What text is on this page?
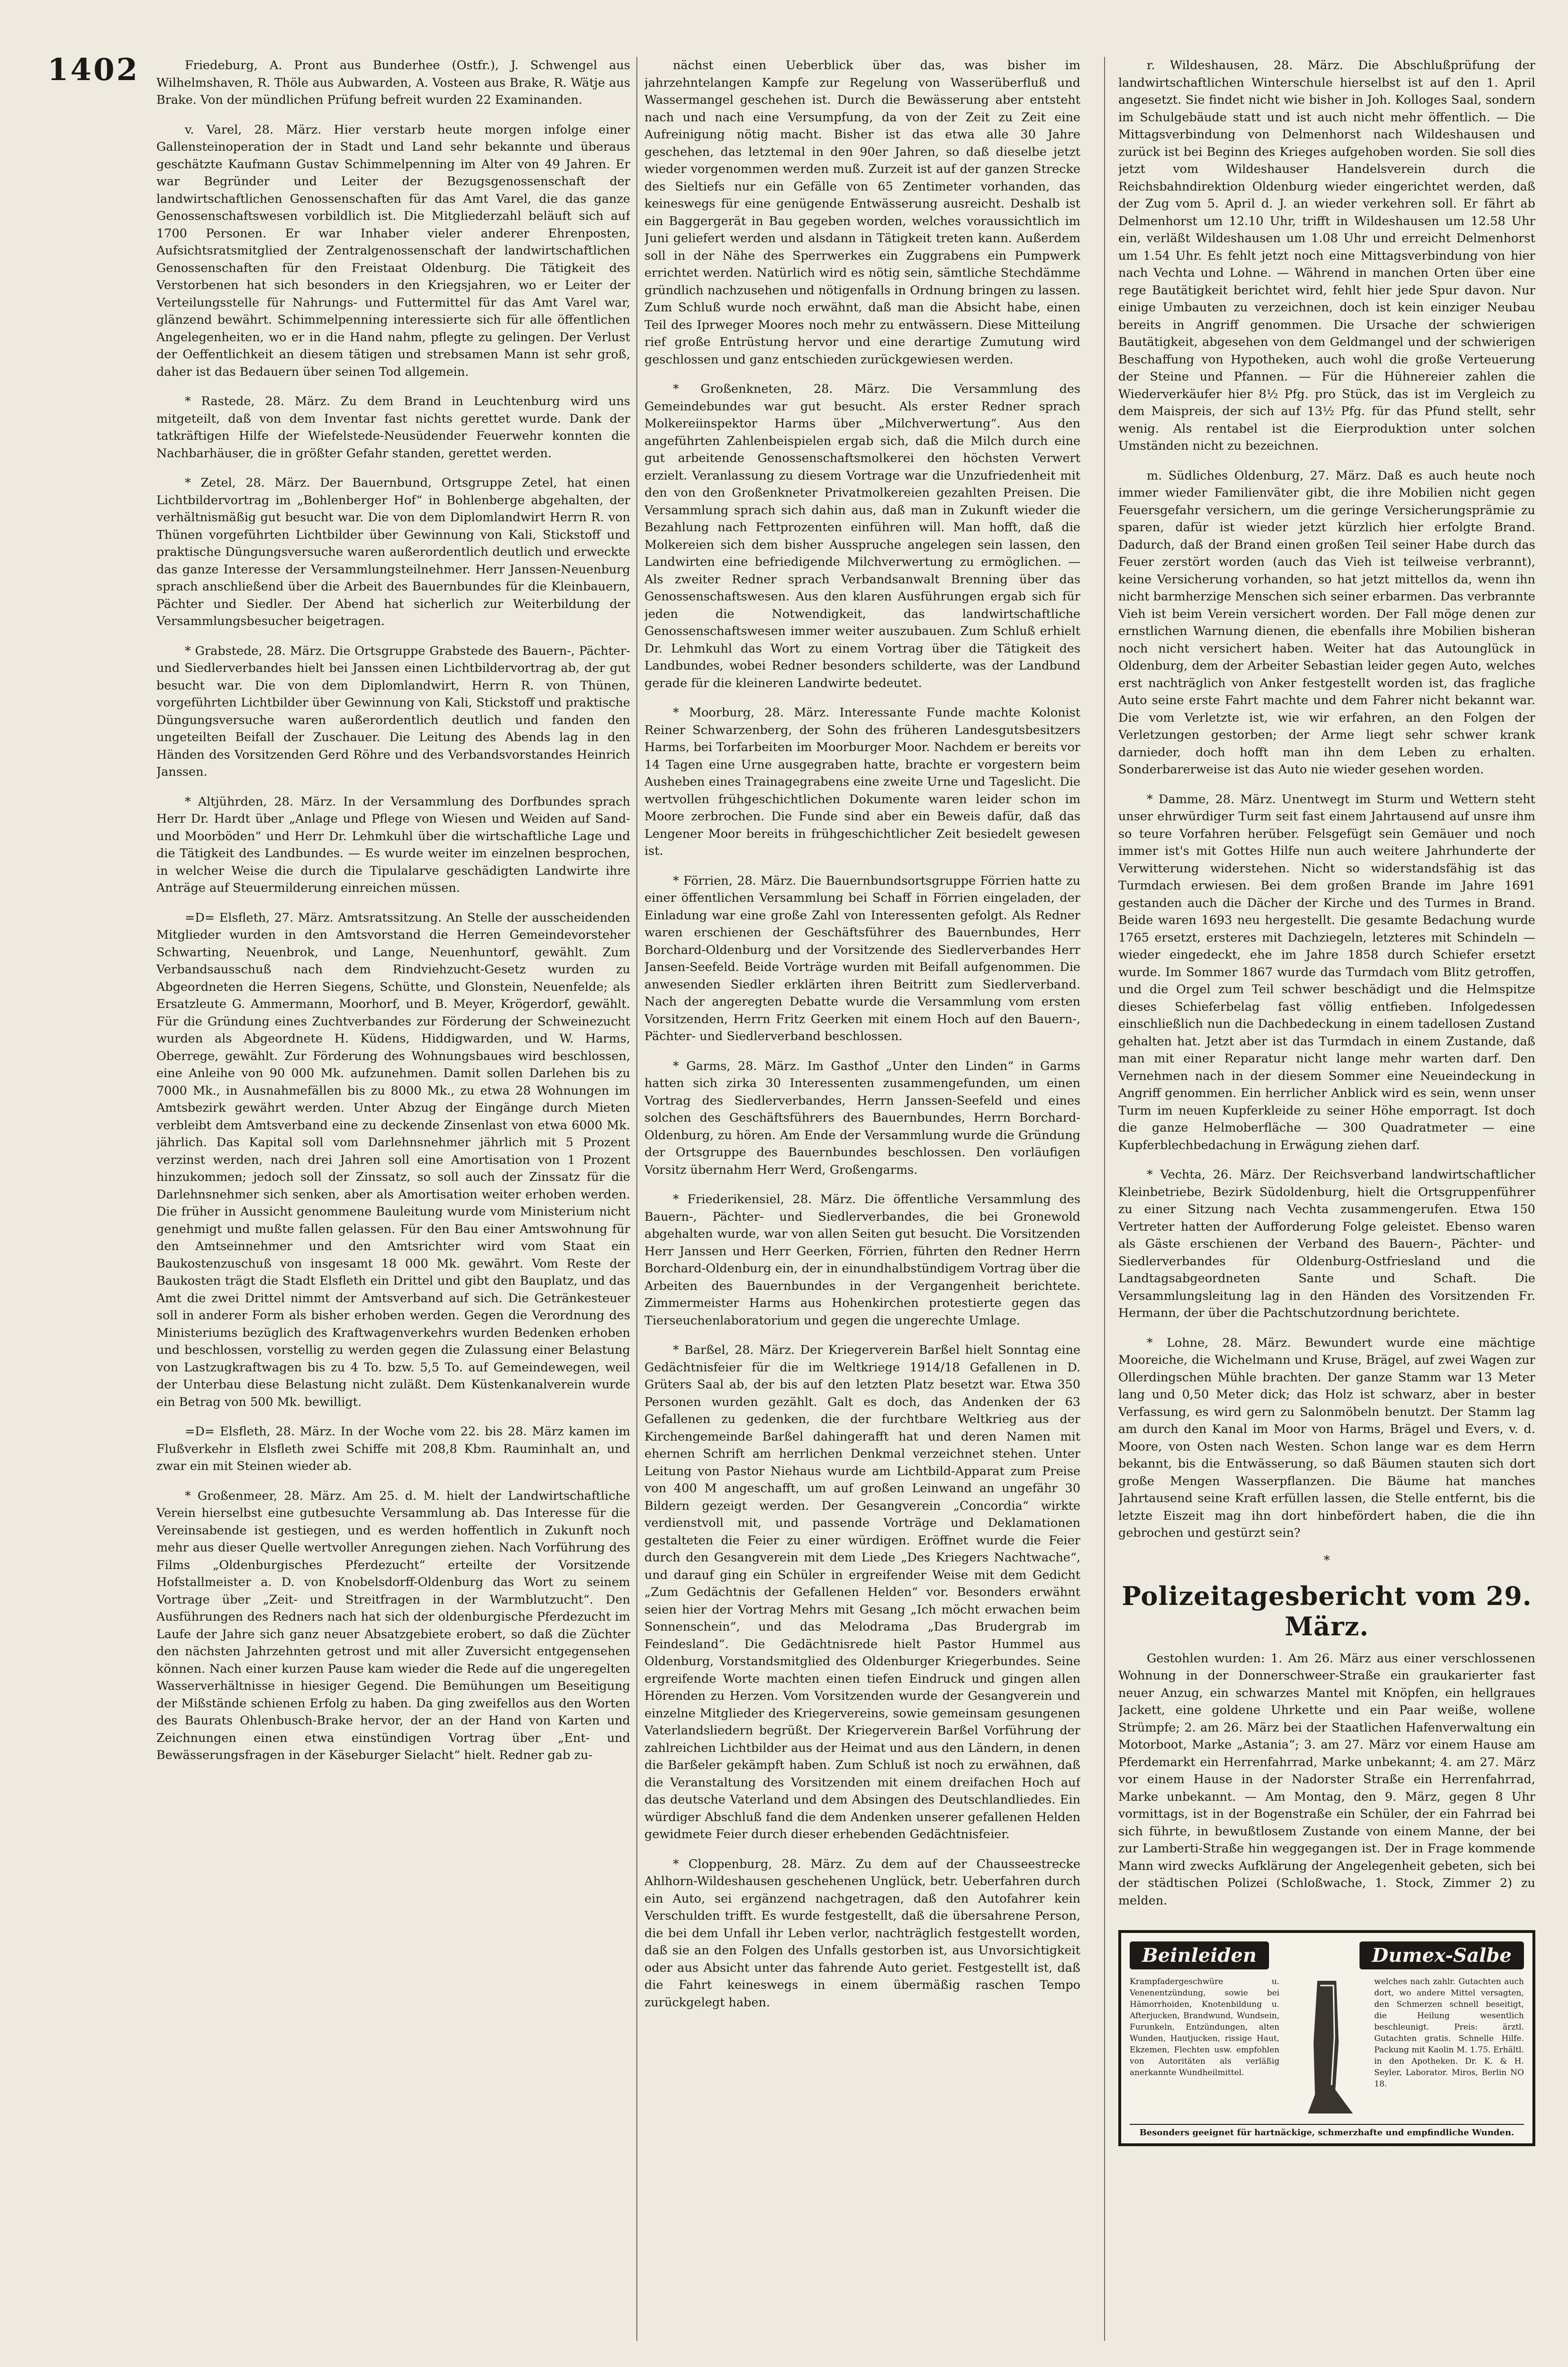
1402	Friedeburg, A. Pront aus Bunderhee (Ostfr.), J. Schwengel aus Wilhelmshaven, R. Thöle aus Aubwarden, A. Vosteen aus Brake, R. Wätje aus Brake. Von der mündlichen Prüfung befreit wurden 22 Examinanden.

v. Varel, 28. März. Hier verstarb heute morgen infolge einer Gallensteinoperation der in Stadt und Land sehr bekannte und überaus geschätzte Kaufmann Gustav Schimmelpenning im Alter von 49 Jahren. Er war Begründer und Leiter der Bezugsgenossenschaft der landwirtschaftlichen Genossenschaften für das Amt Varel, die das ganze Genossenschaftswesen vorbildlich ist. Die Mitgliederzahl beläuft sich auf 1700 Personen. Er war Inhaber vieler anderer Ehrenposten, Aufsichtsratsmitglied der Zentralgenossenschaft der landwirtschaftlichen Genossenschaften für den Freistaat Oldenburg. Die Tätigkeit des Verstorbenen hat sich besonders in den Kriegsjahren, wo er Leiter der Verteilungsstelle für Nahrungs- und Futtermittel für das Amt Varel war, glänzend bewährt. Schimmelpenning interessierte sich für alle öffentlichen Angelegenheiten, wo er in die Hand nahm, pflegte zu gelingen. Der Verlust der Oeffentlichkeit an diesem tätigen und strebsamen Mann ist sehr groß, daher ist das Bedauern über seinen Tod allgemein.

* Rastede, 28. März. Zu dem Brand in Leuchtenburg wird uns mitgeteilt, daß von dem Inventar fast nichts gerettet wurde. Dank der tatkräftigen Hilfe der Wiefelstede-Neusüdender Feuerwehr konnten die Nachbarhäuser, die in größter Gefahr standen, gerettet werden.

* Zetel, 28. März. Der Bauernbund, Ortsgruppe Zetel, hat einen Lichtbildervortrag im „Bohlenberger Hof“ in Bohlenberge abgehalten, der verhältnismäßig gut besucht war. Die von dem Diplomlandwirt Herrn R. von Thünen vorgeführten Lichtbilder über Gewinnung von Kali, Stickstoff und praktische Düngungsversuche waren außerordentlich deutlich und erweckte das ganze Interesse der Versammlungsteilnehmer. Herr Janssen-Neuenburg sprach anschließend über die Arbeit des Bauernbundes für die Kleinbauern, Pächter und Siedler. Der Abend hat sicherlich zur Weiterbildung der Versammlungsbesucher beigetragen.

* Grabstede, 28. März. Die Ortsgruppe Grabstede des Bauern-, Pächter- und Siedlerverbandes hielt bei Janssen einen Lichtbildervortrag ab, der gut besucht war. Die von dem Diplomlandwirt, Herrn R. von Thünen, vorgeführten Lichtbilder über Gewinnung von Kali, Stickstoff und praktische Düngungsversuche waren außerordentlich deutlich und fanden den ungeteilten Beifall der Zuschauer. Die Leitung des Abends lag in den Händen des Vorsitzenden Gerd Röhre und des Verbandsvorstandes Heinrich Janssen.

* Altjührden, 28. März. In der Versammlung des Dorfbundes sprach Herr Dr. Hardt über „Anlage und Pflege von Wiesen und Weiden auf Sand- und Moorböden“ und Herr Dr. Lehmkuhl über die wirtschaftliche Lage und die Tätigkeit des Landbundes. — Es wurde weiter im einzelnen besprochen, in welcher Weise die durch die Tipulalarve geschädigten Landwirte ihre Anträge auf Steuermilderung einreichen müssen.

=D= Elsfleth, 27. März. Amtsratssitzung. An Stelle der ausscheidenden Mitglieder wurden in den Amtsvorstand die Herren Gemeindevorsteher Schwarting, Neuenbrok, und Lange, Neuenhuntorf, gewählt. Zum Verbandsausschuß nach dem Rindviehzucht-Gesetz wurden zu Abgeordneten die Herren Siegens, Schütte, und Glonstein, Neuenfelde; als Ersatzleute G. Ammermann, Moorhorf, und B. Meyer, Krögerdorf, gewählt. Für die Gründung eines Zuchtverbandes zur Förderung der Schweinezucht wurden als Abgeordnete H. Küdens, Hiddigwarden, und W. Harms, Oberrege, gewählt. Zur Förderung des Wohnungsbaues wird beschlossen, eine Anleihe von 90 000 Mk. aufzunehmen. Damit sollen Darlehen bis zu 7000 Mk., in Ausnahmefällen bis zu 8000 Mk., zu etwa 28 Wohnungen im Amtsbezirk gewährt werden. Unter Abzug der Eingänge durch Mieten verbleibt dem Amtsverband eine zu deckende Zinsenlast von etwa 6000 Mk. jährlich. Das Kapital soll vom Darlehnsnehmer jährlich mit 5 Prozent verzinst werden, nach drei Jahren soll eine Amortisation von 1 Prozent hinzukommen; jedoch soll der Zinssatz, so soll auch der Zinssatz für die Darlehnsnehmer sich senken, aber als Amortisation weiter erhoben werden. Die früher in Aussicht genommene Bauleitung wurde vom Ministerium nicht genehmigt und mußte fallen gelassen. Für den Bau einer Amtswohnung für den Amtseinnehmer und den Amtsrichter wird vom Staat ein Baukostenzuschuß von insgesamt 18 000 Mk. gewährt. Vom Reste der Baukosten trägt die Stadt Elsfleth ein Drittel und gibt den Bauplatz, und das Amt die zwei Drittel nimmt der Amtsverband auf sich. Die Getränkesteuer soll in anderer Form als bisher erhoben werden. Gegen die Verordnung des Ministeriums bezüglich des Kraftwagenverkehrs wurden Bedenken erhoben und beschlossen, vorstellig zu werden gegen die Zulassung einer Belastung von Lastzugkraftwagen bis zu 4 To. bzw. 5,5 To. auf Gemeindewegen, weil der Unterbau diese Belastung nicht zuläßt. Dem Küstenkanalverein wurde ein Betrag von 500 Mk. bewilligt.

=D= Elsfleth, 28. März. In der Woche vom 22. bis 28. März kamen im Flußverkehr in Elsfleth zwei Schiffe mit 208,8 Kbm. Rauminhalt an, und zwar ein mit Steinen wieder ab.

* Großenmeer, 28. März. Am 25. d. M. hielt der Landwirtschaftliche Verein hierselbst eine gutbesuchte Versammlung ab. Das Interesse für die Vereinsabende ist gestiegen, und es werden hoffentlich in Zukunft noch mehr aus dieser Quelle wertvoller Anregungen ziehen. Nach Vorführung des Films „Oldenburgisches Pferdezucht“ erteilte der Vorsitzende Hofstallmeister a. D. von Knobelsdorff-Oldenburg das Wort zu seinem Vortrage über „Zeit- und Streitfragen in der Warmblutzucht“. Den Ausführungen des Redners nach hat sich der oldenburgische Pferdezucht im Laufe der Jahre sich ganz neuer Absatzgebiete erobert, so daß die Züchter den nächsten Jahrzehnten getrost und mit aller Zuversicht entgegensehen können. Nach einer kurzen Pause kam wieder die Rede auf die ungeregelten Wasserverhältnisse in hiesiger Gegend. Die Bemühungen um Beseitigung der Mißstände schienen Erfolg zu haben. Da ging zweifellos aus den Worten des Baurats Ohlenbusch-Brake hervor, der an der Hand von Karten und Zeichnungen einen etwa einstündigen Vortrag über „Ent- und Bewässerungsfragen in der Käseburger Sielacht“ hielt. Redner gab zu-

nächst einen Ueberblick über das, was bisher im jahrzehntelangen Kampfe zur Regelung von Wasserüberfluß und Wassermangel geschehen ist. Durch die Bewässerung aber entsteht nach und nach eine Versumpfung, da von der Zeit zu Zeit eine Aufreinigung nötig macht. Bisher ist das etwa alle 30 Jahre geschehen, das letztemal in den 90er Jahren, so daß dieselbe jetzt wieder vorgenommen werden muß. Zurzeit ist auf der ganzen Strecke des Sieltiefs nur ein Gefälle von 65 Zentimeter vorhanden, das keineswegs für eine genügende Entwässerung ausreicht. Deshalb ist ein Baggergerät in Bau gegeben worden, welches voraussichtlich im Juni geliefert werden und alsdann in Tätigkeit treten kann. Außerdem soll in der Nähe des Sperrwerkes ein Zuggrabens ein Pumpwerk errichtet werden. Natürlich wird es nötig sein, sämtliche Stechdämme gründlich nachzusehen und nötigenfalls in Ordnung bringen zu lassen. Zum Schluß wurde noch erwähnt, daß man die Absicht habe, einen Teil des Iprweger Moores noch mehr zu entwässern. Diese Mitteilung rief große Entrüstung hervor und eine derartige Zumutung wird geschlossen und ganz entschieden zurückgewiesen werden.

* Großenkneten, 28. März. Die Versammlung des Gemeindebundes war gut besucht. Als erster Redner sprach Molkereiinspektor Harms über „Milchverwertung“. Aus den angeführten Zahlenbeispielen ergab sich, daß die Milch durch eine gut arbeitende Genossenschaftsmolkerei den höchsten Verwert erzielt. Veranlassung zu diesem Vortrage war die Unzufriedenheit mit den von den Großenkneter Privatmolkereien gezahlten Preisen. Die Versammlung sprach sich dahin aus, daß man in Zukunft wieder die Bezahlung nach Fettprozenten einführen will. Man hofft, daß die Molkereien sich dem bisher Ausspruche angelegen sein lassen, den Landwirten eine befriedigende Milchverwertung zu ermöglichen. — Als zweiter Redner sprach Verbandsanwalt Brenning über das Genossenschaftswesen. Aus den klaren Ausführungen ergab sich für jeden die Notwendigkeit, das landwirtschaftliche Genossenschaftswesen immer weiter auszubauen. Zum Schluß erhielt Dr. Lehmkuhl das Wort zu einem Vortrag über die Tätigkeit des Landbundes, wobei Redner besonders schilderte, was der Landbund gerade für die kleineren Landwirte bedeutet.

* Moorburg, 28. März. Interessante Funde machte Kolonist Reiner Schwarzenberg, der Sohn des früheren Landesgutsbesitzers Harms, bei Torfarbeiten im Moorburger Moor. Nachdem er bereits vor 14 Tagen eine Urne ausgegraben hatte, brachte er vorgestern beim Ausheben eines Trainagegrabens eine zweite Urne und Tageslicht. Die wertvollen frühgeschichtlichen Dokumente waren leider schon im Moore zerbrochen. Die Funde sind aber ein Beweis dafür, daß das Lengener Moor bereits in frühgeschichtlicher Zeit besiedelt gewesen ist.

* Förrien, 28. März. Die Bauernbundsortsgruppe Förrien hatte zu einer öffentlichen Versammlung bei Schaff in Förrien eingeladen, der Einladung war eine große Zahl von Interessenten gefolgt. Als Redner waren erschienen der Geschäftsführer des Bauernbundes, Herr Borchard-Oldenburg und der Vorsitzende des Siedlerverbandes Herr Jansen-Seefeld. Beide Vorträge wurden mit Beifall aufgenommen. Die anwesenden Siedler erklärten ihren Beitritt zum Siedlerverband. Nach der angeregten Debatte wurde die Versammlung vom ersten Vorsitzenden, Herrn Fritz Geerken mit einem Hoch auf den Bauern-, Pächter- und Siedlerverband beschlossen.

* Garms, 28. März. Im Gasthof „Unter den Linden“ in Garms hatten sich zirka 30 Interessenten zusammengefunden, um einen Vortrag des Siedlerverbandes, Herrn Janssen-Seefeld und eines solchen des Geschäftsführers des Bauernbundes, Herrn Borchard-Oldenburg, zu hören. Am Ende der Versammlung wurde die Gründung der Ortsgruppe des Bauernbundes beschlossen. Den vorläufigen Vorsitz übernahm Herr Werd, Großengarms.

* Friederikensiel, 28. März. Die öffentliche Versammlung des Bauern-, Pächter- und Siedlerverbandes, die bei Gronewold abgehalten wurde, war von allen Seiten gut besucht. Die Vorsitzenden Herr Janssen und Herr Geerken, Förrien, führten den Redner Herrn Borchard-Oldenburg ein, der in einundhalbstündigem Vortrag über die Arbeiten des Bauernbundes in der Vergangenheit berichtete. Zimmermeister Harms aus Hohenkirchen protestierte gegen das Tierseuchenlaboratorium und gegen die ungerechte Umlage.

* Barßel, 28. März. Der Kriegerverein Barßel hielt Sonntag eine Gedächtnisfeier für die im Weltkriege 1914/18 Gefallenen in D. Grüters Saal ab, der bis auf den letzten Platz besetzt war. Etwa 350 Personen wurden gezählt. Galt es doch, das Andenken der 63 Gefallenen zu gedenken, die der furchtbare Weltkrieg aus der Kirchengemeinde Barßel dahingerafft hat und deren Namen mit ehernen Schrift am herrlichen Denkmal verzeichnet stehen. Unter Leitung von Pastor Niehaus wurde am Lichtbild-Apparat zum Preise von 400 M angeschafft, um auf großen Leinwand an ungefähr 30 Bildern gezeigt werden. Der Gesangverein „Concordia“ wirkte verdienstvoll mit, und passende Vorträge und Deklamationen gestalteten die Feier zu einer würdigen. Eröffnet wurde die Feier durch den Gesangverein mit dem Liede „Des Kriegers Nachtwache“, und darauf ging ein Schüler in ergreifender Weise mit dem Gedicht „Zum Gedächtnis der Gefallenen Helden“ vor. Besonders erwähnt seien hier der Vortrag Mehrs mit Gesang „Ich möcht erwachen beim Sonnenschein“, und das Melodrama „Das Brudergrab im Feindesland“. Die Gedächtnisrede hielt Pastor Hummel aus Oldenburg, Vorstandsmitglied des Oldenburger Kriegerbundes. Seine ergreifende Worte machten einen tiefen Eindruck und gingen allen Hörenden zu Herzen. Vom Vorsitzenden wurde der Gesangverein und einzelne Mitglieder des Kriegervereins, sowie gemeinsam gesungenen Vaterlandsliedern begrüßt. Der Kriegerverein Barßel Vorführung der zahlreichen Lichtbilder aus der Heimat und aus den Ländern, in denen die Barßeler gekämpft haben. Zum Schluß ist noch zu erwähnen, daß die Veranstaltung des Vorsitzenden mit einem dreifachen Hoch auf das deutsche Vaterland und dem Absingen des Deutschlandliedes. Ein würdiger Abschluß fand die dem Andenken unserer gefallenen Helden gewidmete Feier durch dieser erhebenden Gedächtnisfeier.

* Cloppenburg, 28. März. Zu dem auf der Chausseestrecke Ahlhorn-Wildeshausen geschehenen Unglück, betr. Ueberfahren durch ein Auto, sei ergänzend nachgetragen, daß den Autofahrer kein Verschulden trifft. Es wurde festgestellt, daß die übersahrene Person, die bei dem Unfall ihr Leben verlor, nachträglich festgestellt worden, daß sie an den Folgen des Unfalls gestorben ist, aus Unvorsichtigkeit oder aus Absicht unter das fahrende Auto geriet. Festgestellt ist, daß die Fahrt keineswegs in einem übermäßig raschen Tempo zurückgelegt haben.

r. Wildeshausen, 28. März. Die Abschlußprüfung der landwirtschaftlichen Winterschule hierselbst ist auf den 1. April angesetzt. Sie findet nicht wie bisher in Joh. Kolloges Saal, sondern im Schulgebäude statt und ist auch nicht mehr öffentlich. — Die Mittagsverbindung von Delmenhorst nach Wildeshausen und zurück ist bei Beginn des Krieges aufgehoben worden. Sie soll dies jetzt vom Wildeshauser Handelsverein durch die Reichsbahndirektion Oldenburg wieder eingerichtet werden, daß der Zug vom 5. April d. J. an wieder verkehren soll. Er fährt ab Delmenhorst um 12.10 Uhr, trifft in Wildeshausen um 12.58 Uhr ein, verläßt Wildeshausen um 1.08 Uhr und erreicht Delmenhorst um 1.54 Uhr. Es fehlt jetzt noch eine Mittagsverbindung von hier nach Vechta und Lohne. — Während in manchen Orten über eine rege Bautätigkeit berichtet wird, fehlt hier jede Spur davon. Nur einige Umbauten zu verzeichnen, doch ist kein einziger Neubau bereits in Angriff genommen. Die Ursache der schwierigen Bautätigkeit, abgesehen von dem Geldmangel und der schwierigen Beschaffung von Hypotheken, auch wohl die große Verteuerung der Steine und Pfannen. — Für die Hühnereier zahlen die Wiederverkäufer hier 8½ Pfg. pro Stück, das ist im Vergleich zu dem Maispreis, der sich auf 13½ Pfg. für das Pfund stellt, sehr wenig. Als rentabel ist die Eierproduktion unter solchen Umständen nicht zu bezeichnen.

m. Südliches Oldenburg, 27. März. Daß es auch heute noch immer wieder Familienväter gibt, die ihre Mobilien nicht gegen Feuersgefahr versichern, um die geringe Versicherungsprämie zu sparen, dafür ist wieder jetzt kürzlich hier erfolgte Brand. Dadurch, daß der Brand einen großen Teil seiner Habe durch das Feuer zerstört worden (auch das Vieh ist teilweise verbrannt), keine Versicherung vorhanden, so hat jetzt mittellos da, wenn ihn nicht barmherzige Menschen sich seiner erbarmen. Das verbrannte Vieh ist beim Verein versichert worden. Der Fall möge denen zur ernstlichen Warnung dienen, die ebenfalls ihre Mobilien bisheran noch nicht versichert haben. Weiter hat das Autounglück in Oldenburg, dem der Arbeiter Sebastian leider gegen Auto, welches erst nachträglich von Anker festgestellt worden ist, das fragliche Auto seine erste Fahrt machte und dem Fahrer nicht bekannt war. Die vom Verletzte ist, wie wir erfahren, an den Folgen der Verletzungen gestorben; der Arme liegt sehr schwer krank darnieder, doch hofft man ihn dem Leben zu erhalten. Sonderbarerweise ist das Auto nie wieder gesehen worden.

* Damme, 28. März. Unentwegt im Sturm und Wettern steht unser ehrwürdiger Turm seit fast einem Jahrtausend auf unsre ihm so teure Vorfahren herüber. Felsgefügt sein Gemäuer und noch immer ist's mit Gottes Hilfe nun auch weitere Jahrhunderte der Verwitterung widerstehen. Nicht so widerstandsfähig ist das Turmdach erwiesen. Bei dem großen Brande im Jahre 1691 gestanden auch die Dächer der Kirche und des Turmes in Brand. Beide waren 1693 neu hergestellt. Die gesamte Bedachung wurde 1765 ersetzt, ersteres mit Dachziegeln, letzteres mit Schindeln — wieder eingedeckt, ehe im Jahre 1858 durch Schiefer ersetzt wurde. Im Sommer 1867 wurde das Turmdach vom Blitz getroffen, und die Orgel zum Teil schwer beschädigt und die Helmspitze dieses Schieferbelag fast völlig entfieben. Infolgedessen einschließlich nun die Dachbedeckung in einem tadellosen Zustand gehalten hat. Jetzt aber ist das Turmdach in einem Zustande, daß man mit einer Reparatur nicht lange mehr warten darf. Den Vernehmen nach in der diesem Sommer eine Neueindeckung in Angriff genommen. Ein herrlicher Anblick wird es sein, wenn unser Turm im neuen Kupferkleide zu seiner Höhe emporragt. Ist doch die ganze Helmoberfläche — 300 Quadratmeter — eine Kupferblechbedachung in Erwägung ziehen darf.

* Vechta, 26. März. Der Reichsverband landwirtschaftlicher Kleinbetriebe, Bezirk Südoldenburg, hielt die Ortsgruppenführer zu einer Sitzung nach Vechta zusammengerufen. Etwa 150 Vertreter hatten der Aufforderung Folge geleistet. Ebenso waren als Gäste erschienen der Verband des Bauern-, Pächter- und Siedlerverbandes für Oldenburg-Ostfriesland und die Landtagsabgeordneten Sante und Schaft. Die Versammlungsleitung lag in den Händen des Vorsitzenden Fr. Hermann, der über die Pachtschutzordnung berichtete.

* Lohne, 28. März. Bewundert wurde eine mächtige Mooreiche, die Wichelmann und Kruse, Brägel, auf zwei Wagen zur Ollerdingschen Mühle brachten. Der ganze Stamm war 13 Meter lang und 0,50 Meter dick; das Holz ist schwarz, aber in bester Verfassung, es wird gern zu Salonmöbeln benutzt. Der Stamm lag am durch den Kanal im Moor von Harms, Brägel und Evers, v. d. Moore, von Osten nach Westen. Schon lange war es dem Herrn bekannt, bis die Entwässerung, so daß Bäumen stauten sich dort große Mengen Wasserpflanzen. Die Bäume hat manches Jahrtausend seine Kraft erfüllen lassen, die Stelle entfernt, bis die letzte Eiszeit mag ihn dort hinbefördert haben, die die ihn gebrochen und gestürzt sein?

*
Polizeitagesbericht vom 29. März.

Gestohlen wurden: 1. Am 26. März aus einer verschlossenen Wohnung in der Donnerschweer-Straße ein graukarierter fast neuer Anzug, ein schwarzes Mantel mit Knöpfen, ein hellgraues Jackett, eine goldene Uhrkette und ein Paar weiße, wollene Strümpfe; 2. am 26. März bei der Staatlichen Hafenverwaltung ein Motorboot, Marke „Astania“; 3. am 27. März vor einem Hause am Pferdemarkt ein Herrenfahrrad, Marke unbekannt; 4. am 27. März vor einem Hause in der Nadorster Straße ein Herrenfahrrad, Marke unbekannt. — Am Montag, den 9. März, gegen 8 Uhr vormittags, ist in der Bogenstraße ein Schüler, der ein Fahrrad bei sich führte, in bewußtlosem Zustande von einem Manne, der bei zur Lamberti-Straße hin weggegangen ist. Der in Frage kommende Mann wird zwecks Aufklärung der Angelegenheit gebeten, sich bei der städtischen Polizei (Schloßwache, 1. Stock, Zimmer 2) zu melden.

Beinleiden	Dumex-Salbe
Krampfadergeschwüre u. Venenentzündung, sowie bei Hämorrhoiden, Knotenbildung u. Afterjucken, Brandwund, Wundsein, Furunkeln, Entzündungen, alten Wunden, Hautjucken, rissige Haut, Ekzemen, Flechten usw. empfohlen von Autoritäten als verläßig anerkannte Wundheilmittel.
welches nach zahlr. Gutachten auch dort, wo andere Mittel versagten, den Schmerzen schnell beseitigt, die Heilung wesentlich beschleunigt. Preis: ärztl. Gutachten gratis. Schnelle Hilfe. Packung mit Kaolin M. 1.75. Erhältl. in den Apotheken. Dr. K. & H. Seyler, Laborator. Miros, Berlin NO 18.
Besonders geeignet für hartnäckige, schmerzhafte und empfindliche Wunden.
